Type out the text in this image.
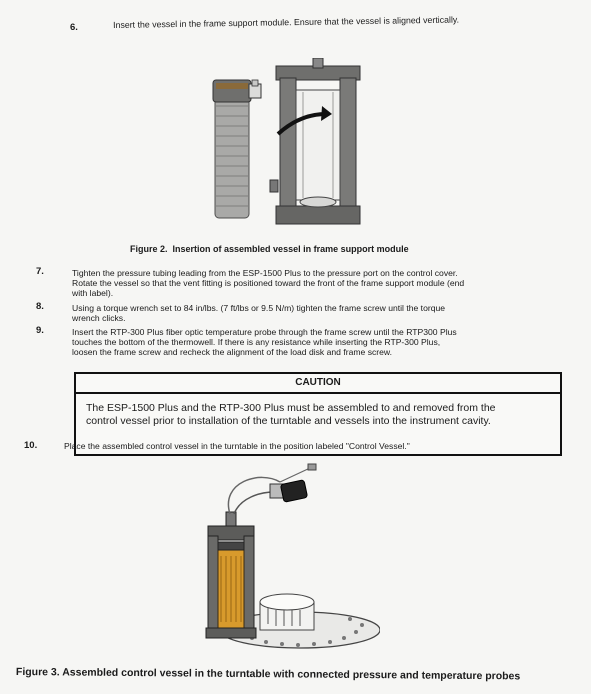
6.	Insert the vessel in the frame support module. Ensure that the vessel is aligned vertically.
Figure 2. Insertion of assembled vessel in frame support module
7.	Tighten the pressure tubing leading from the ESP-1500 Plus to the pressure port on the control cover.
Rotate the vessel so that the vent fitting is positioned toward the front of the frame support module (end
with label).
8.	Using a torque wrench set to 84 in/lbs. (7 ft/lbs or 9.5 N/m) tighten the frame screw until the torque
wrench clicks.
9.	Insert the RTP-300 Plus fiber optic temperature probe through the frame screw until the RTP300 Plus
touches the bottom of the thermowell. If there is any resistance while inserting the RTP-300 Plus,
loosen the frame screw and recheck the alignment of the load disk and frame screw.
CAUTION
The ESP-1500 Plus and the RTP-300 Plus must be assembled to and removed from the
control vessel prior to installation of the turntable and vessels into the instrument cavity.
10.	Place the assembled control vessel in the turntable in the position labeled "Control Vessel."
Figure 3. Assembled control vessel in the turntable with connected pressure and temperature probes
